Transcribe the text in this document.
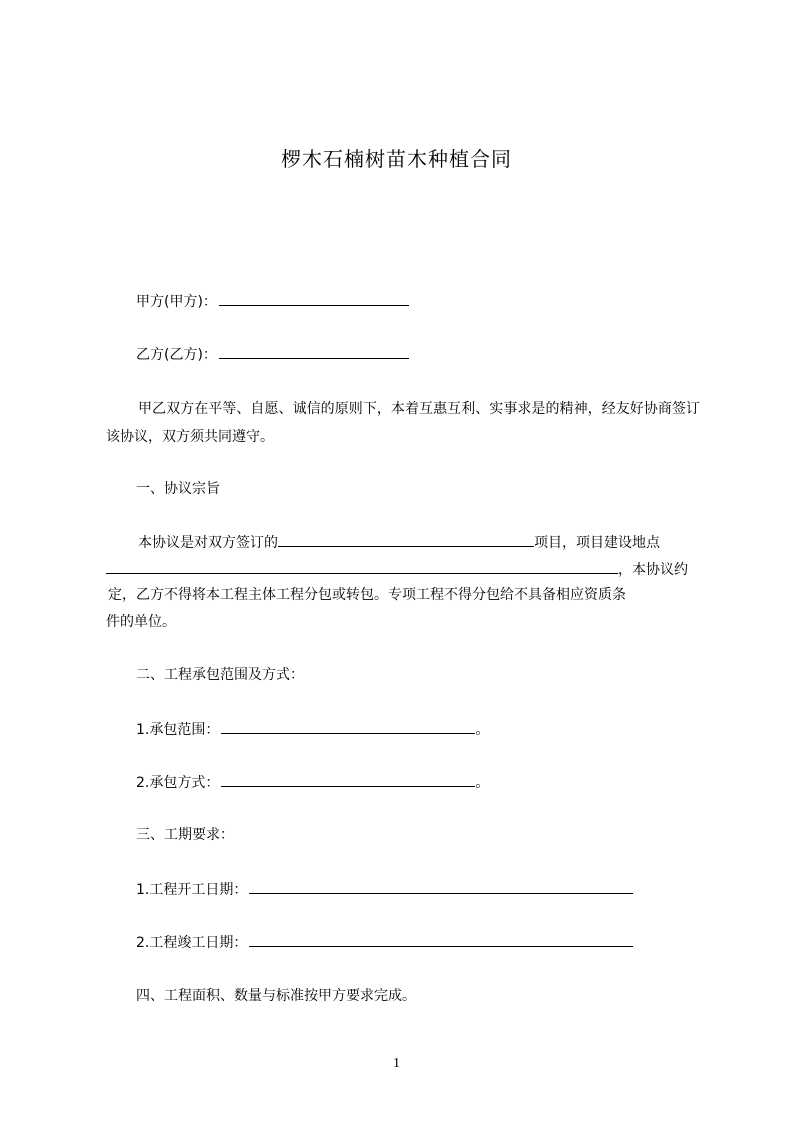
椤木石楠树苗木种植合同
甲方(甲方)：
乙方(乙方)：
甲乙双方在平等、自愿、诚信的原则下，本着互惠互利、实事求是的精神，经友好协商签订该协议，双方须共同遵守。
一、协议宗旨
本协议是对双方签订的	项目，项目建设地点
，本协议约
定，乙方不得将本工程主体工程分包或转包。专项工程不得分包给不具备相应资质条
件的单位。
二、工程承包范围及方式：
1.承包范围：	。
2.承包方式：	。
三、工期要求：
1.工程开工日期：
2.工程竣工日期：
四、工程面积、数量与标准按甲方要求完成。
1
